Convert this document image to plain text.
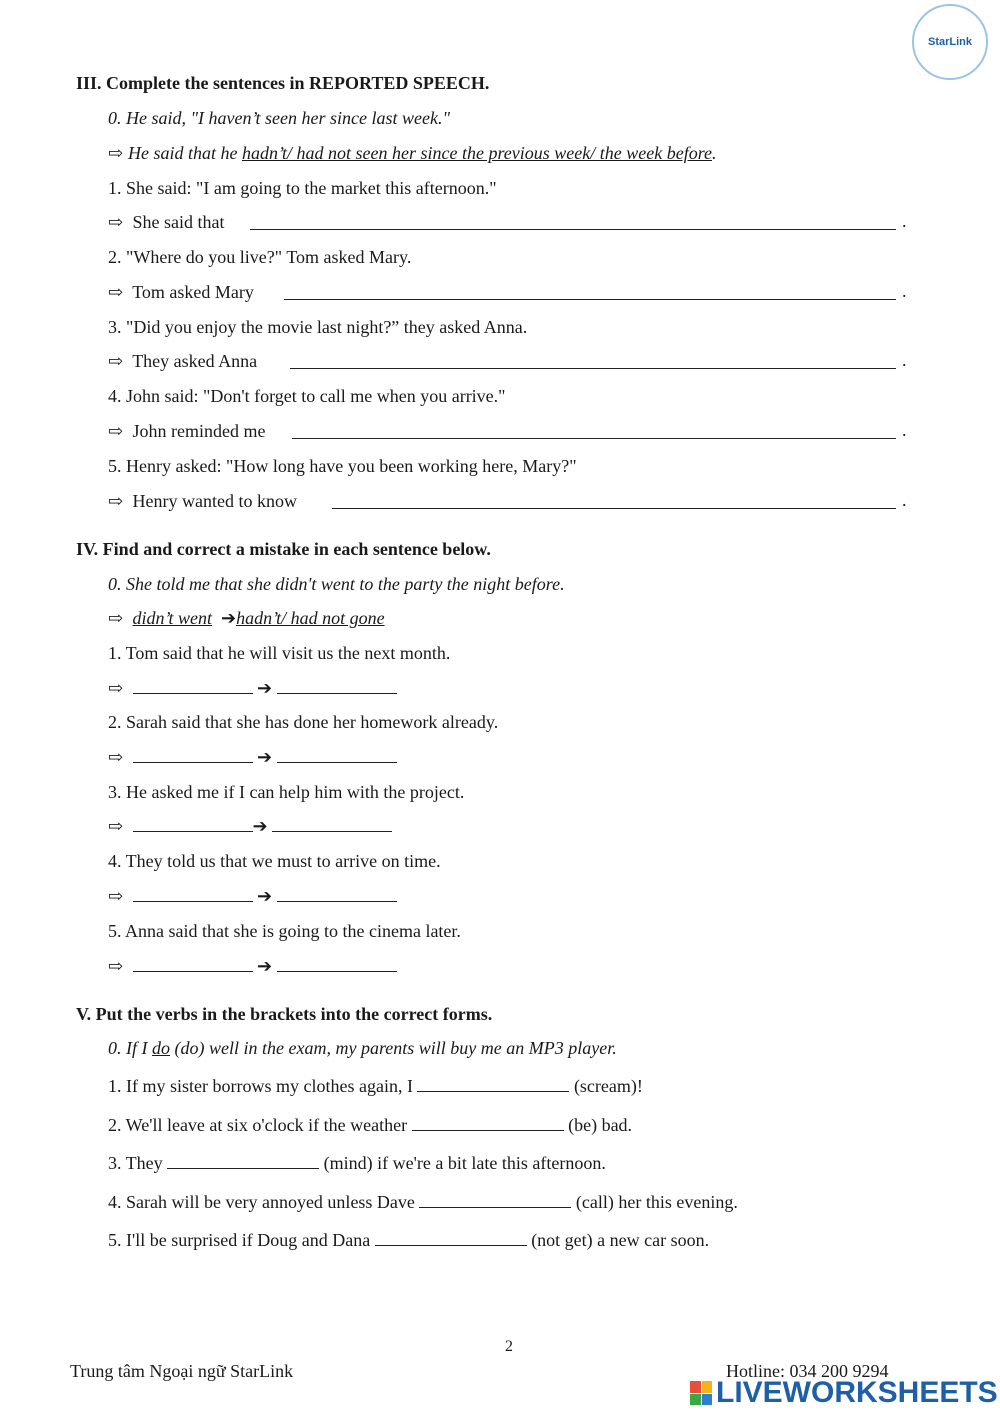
StarLink
III. Complete the sentences in REPORTED SPEECH.
0. He said, "I haven’t seen her since last week."
⇨ He said that he hadn’t/ had not seen her since the previous week/ the week before.
1. She said: "I am going to the market this afternoon."
⇨ She said that	.
2. "Where do you live?" Tom asked Mary.
⇨ Tom asked Mary	.
3. "Did you enjoy the movie last night?” they asked Anna.
⇨ They asked Anna	.
4. John said: "Don't forget to call me when you arrive."
⇨ John reminded me	.
5. Henry asked: "How long have you been working here, Mary?"
⇨ Henry wanted to know	.
IV. Find and correct a mistake in each sentence below.
0. She told me that she didn't went to the party the night before.
⇨ didn’t went ➔hadn’t/ had not gone
1. Tom said that he will visit us the next month.
⇨	➔
2. Sarah said that she has done her homework already.
⇨	➔
3. He asked me if I can help him with the project.
⇨	➔
4. They told us that we must to arrive on time.
⇨	➔
5. Anna said that she is going to the cinema later.
⇨	➔
V. Put the verbs in the brackets into the correct forms.
0. If I do (do) well in the exam, my parents will buy me an MP3 player.
1. If my sister borrows my clothes again, I	(scream)!
2. We'll leave at six o'clock if the weather	(be) bad.
3. They	(mind) if we're a bit late this afternoon.
4. Sarah will be very annoyed unless Dave	(call) her this evening.
5. I'll be surprised if Doug and Dana	(not get) a new car soon.
2
Trung tâm Ngoại ngữ StarLink	Hotline: 034 200 9294
LIVEWORKSHEETS
